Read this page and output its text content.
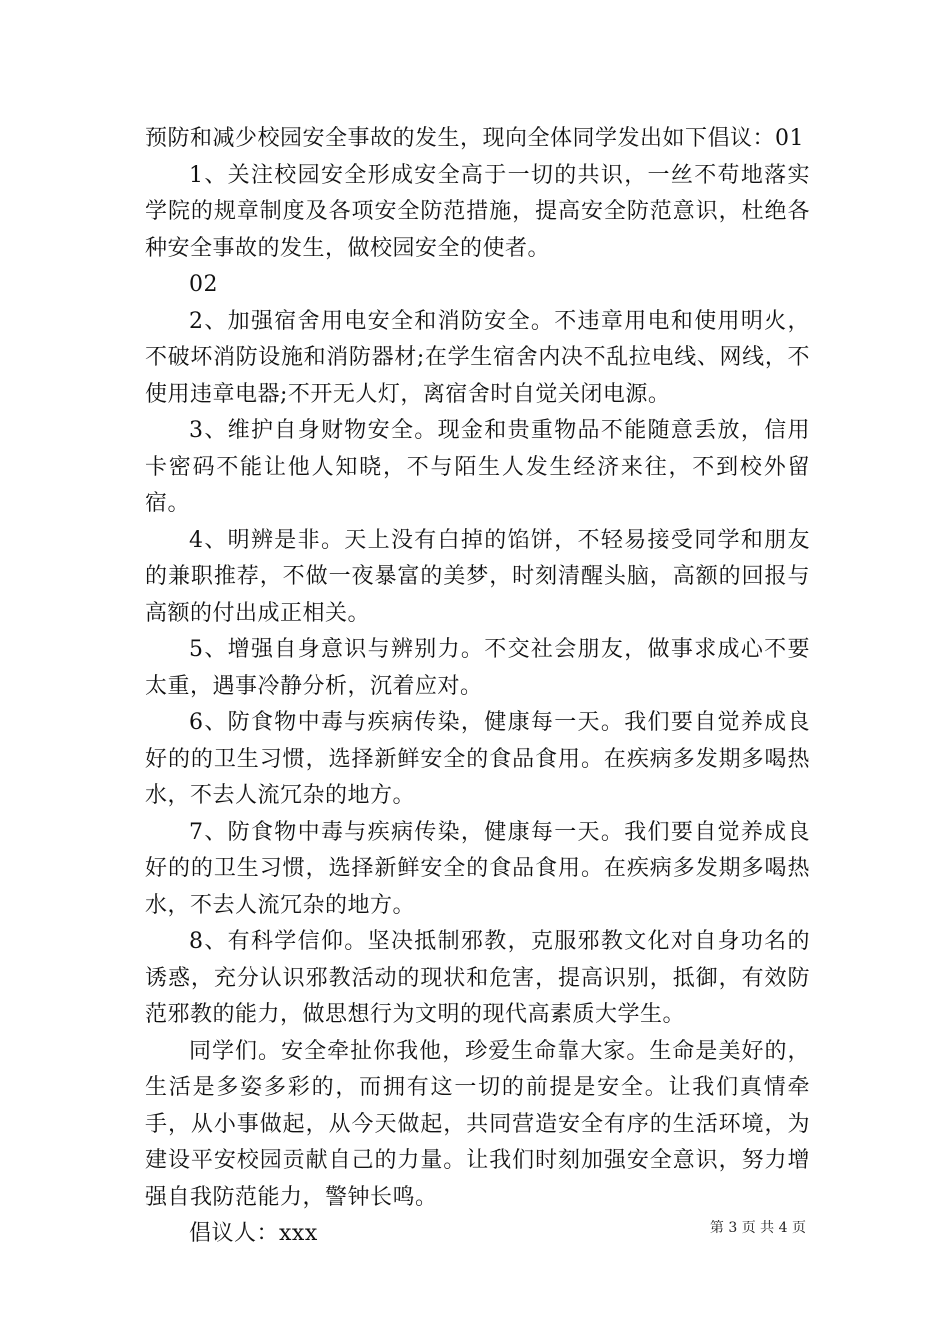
预防和减少校园安全事故的发生，现向全体同学发出如下倡议：01

1、关注校园安全形成安全高于一切的共识，一丝不苟地落实学院的规章制度及各项安全防范措施，提高安全防范意识，杜绝各种安全事故的发生，做校园安全的使者。

02

2、加强宿舍用电安全和消防安全。不违章用电和使用明火，不破坏消防设施和消防器材;在学生宿舍内决不乱拉电线、网线，不使用违章电器;不开无人灯，离宿舍时自觉关闭电源。

3、维护自身财物安全。现金和贵重物品不能随意丢放，信用卡密码不能让他人知晓，不与陌生人发生经济来往，不到校外留宿。

4、明辨是非。天上没有白掉的馅饼，不轻易接受同学和朋友的兼职推荐，不做一夜暴富的美梦，时刻清醒头脑，高额的回报与高额的付出成正相关。

5、增强自身意识与辨别力。不交社会朋友，做事求成心不要太重，遇事冷静分析，沉着应对。

6、防食物中毒与疾病传染，健康每一天。我们要自觉养成良好的的卫生习惯，选择新鲜安全的食品食用。在疾病多发期多喝热水，不去人流冗杂的地方。

7、防食物中毒与疾病传染，健康每一天。我们要自觉养成良好的的卫生习惯，选择新鲜安全的食品食用。在疾病多发期多喝热水，不去人流冗杂的地方。

8、有科学信仰。坚决抵制邪教，克服邪教文化对自身功名的诱惑，充分认识邪教活动的现状和危害，提高识别，抵御，有效防范邪教的能力，做思想行为文明的现代高素质大学生。

同学们。安全牵扯你我他，珍爱生命靠大家。生命是美好的，生活是多姿多彩的，而拥有这一切的前提是安全。让我们真情牵手，从小事做起，从今天做起，共同营造安全有序的生活环境，为建设平安校园贡献自己的力量。让我们时刻加强安全意识，努力增强自我防范能力，警钟长鸣。

倡议人：xxx	第 3 页 共 4 页
